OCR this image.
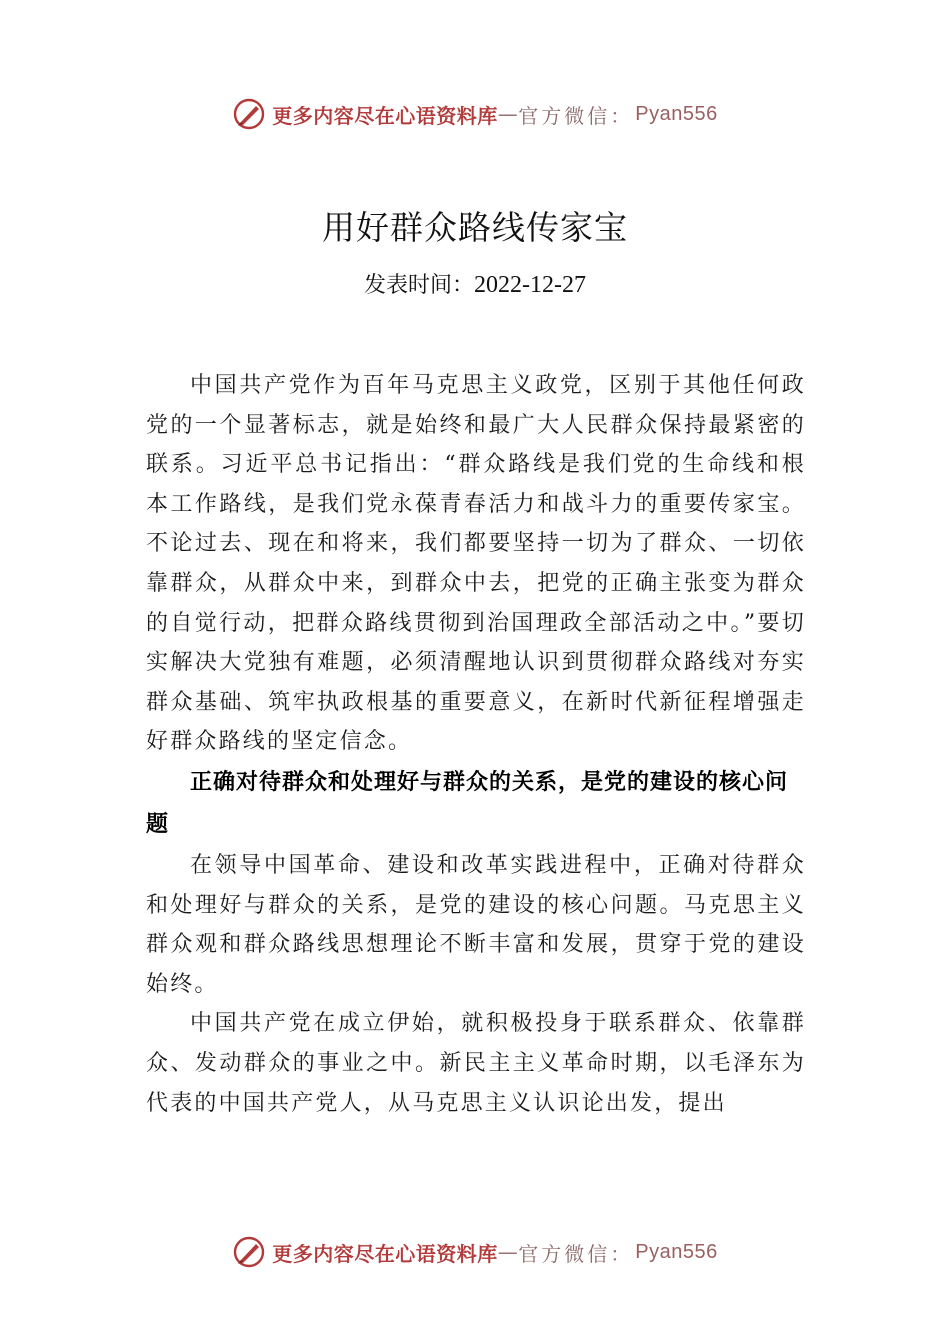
更多内容尽在心语资料库 — 官方微信： Pyan556
用好群众路线传家宝
发表时间：2022-12-27

中国共产党作为百年马克思主义政党，区别于其他任何政党的一个显著标志，就是始终和最广大人民群众保持最紧密的联系。习近平总书记指出：“群众路线是我们党的生命线和根本工作路线，是我们党永葆青春活力和战斗力的重要传家宝。不论过去、现在和将来，我们都要坚持一切为了群众、一切依靠群众，从群众中来，到群众中去，把党的正确主张变为群众的自觉行动，把群众路线贯彻到治国理政全部活动之中。”要切实解决大党独有难题，必须清醒地认识到贯彻群众路线对夯实群众基础、筑牢执政根基的重要意义，在新时代新征程增强走好群众路线的坚定信念。

正确对待群众和处理好与群众的关系，是党的建设的核心问题

在领导中国革命、建设和改革实践进程中，正确对待群众和处理好与群众的关系，是党的建设的核心问题。马克思主义群众观和群众路线思想理论不断丰富和发展，贯穿于党的建设始终。

中国共产党在成立伊始，就积极投身于联系群众、依靠群众、发动群众的事业之中。新民主主义革命时期，以毛泽东为代表的中国共产党人，从马克思主义认识论出发，提出

更多内容尽在心语资料库 — 官方微信： Pyan556
